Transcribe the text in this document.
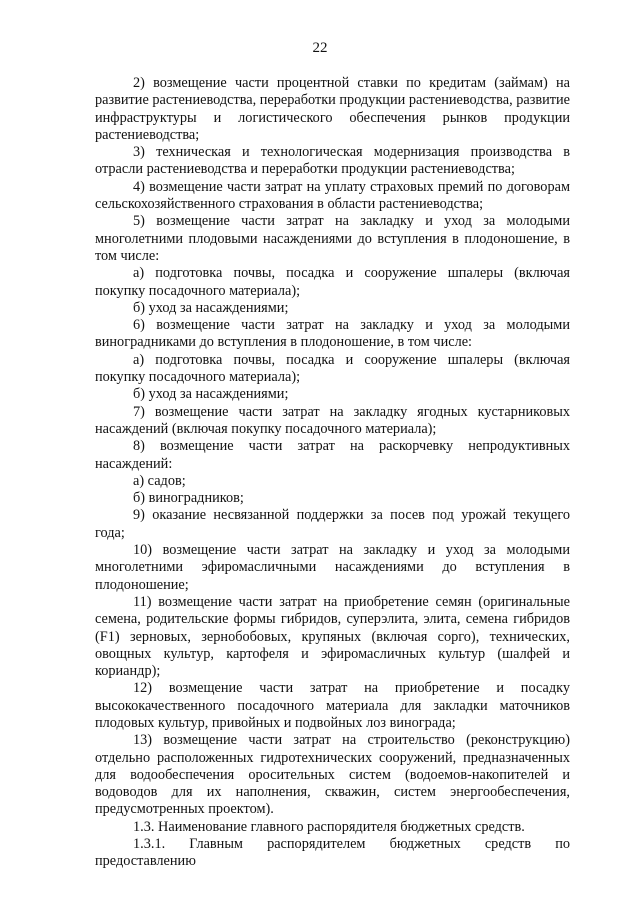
22

2) возмещение части процентной ставки по кредитам (займам) на развитие растениеводства, переработки продукции растениеводства, развитие инфраструктуры и логистического обеспечения рынков продукции растениеводства;

3) техническая и технологическая модернизация производства в отрасли растениеводства и переработки продукции растениеводства;

4) возмещение части затрат на уплату страховых премий по договорам сельскохозяйственного страхования в области растениеводства;

5) возмещение части затрат на закладку и уход за молодыми многолетними плодовыми насаждениями до вступления в плодоношение, в том числе:

а) подготовка почвы, посадка и сооружение шпалеры (включая покупку посадочного материала);

б) уход за насаждениями;

6) возмещение части затрат на закладку и уход за молодыми виноградниками до вступления в плодоношение, в том числе:

а) подготовка почвы, посадка и сооружение шпалеры (включая покупку посадочного материала);

б) уход за насаждениями;

7) возмещение части затрат на закладку ягодных кустарниковых насаждений (включая покупку посадочного материала);

8) возмещение части затрат на раскорчевку непродуктивных насаждений:

а) садов;

б) виноградников;

9) оказание несвязанной поддержки за посев под урожай текущего года;

10) возмещение части затрат на закладку и уход за молодыми многолетними эфиромасличными насаждениями до вступления в плодоношение;

11) возмещение части затрат на приобретение семян (оригинальные семена, родительские формы гибридов, суперэлита, элита, семена гибридов (F1) зерновых, зернобобовых, крупяных (включая сорго), технических, овощных культур, картофеля и эфиромасличных культур (шалфей и кориандр);

12) возмещение части затрат на приобретение и посадку высококачественного посадочного материала для закладки маточников плодовых культур, привойных и подвойных лоз винограда;

13) возмещение части затрат на строительство (реконструкцию) отдельно расположенных гидротехнических сооружений, предназначенных для водообеспечения оросительных систем (водоемов-накопителей и водоводов для их наполнения, скважин, систем энергообеспечения, предусмотренных проектом).

1.3. Наименование главного распорядителя бюджетных средств.

1.3.1. Главным распорядителем бюджетных средств по предоставлению
